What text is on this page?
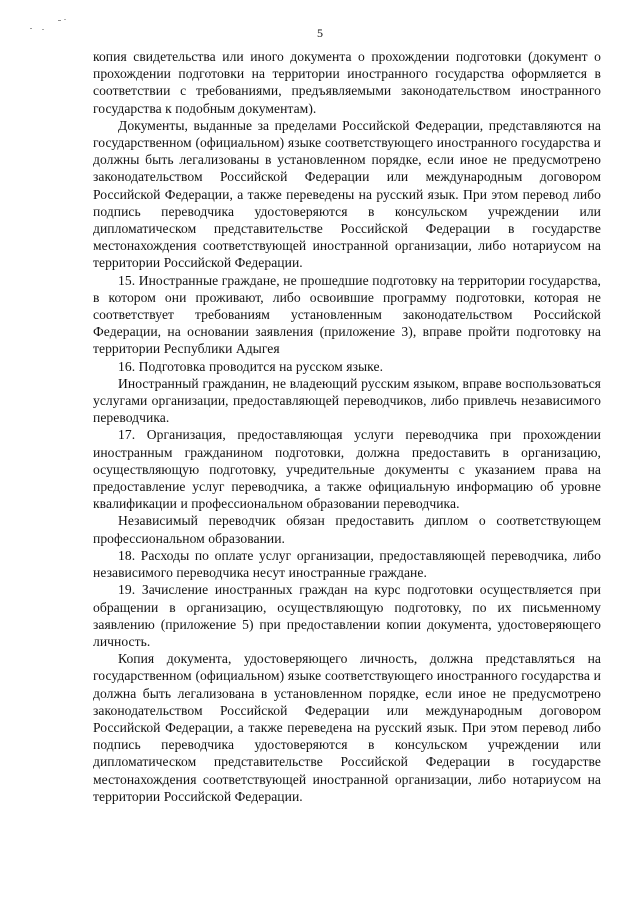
5

копия свидетельства или иного документа о прохождении подготовки (документ о прохождении подготовки на территории иностранного государства оформляется в соответствии с требованиями, предъявляемыми законодательством иностранного государства к подобным документам).

Документы, выданные за пределами Российской Федерации, представляются на государственном (официальном) языке соответствующего иностранного государства и должны быть легализованы в установленном порядке, если иное не предусмотрено законодательством Российской Федерации или международным договором Российской Федерации, а также переведены на русский язык. При этом перевод либо подпись переводчика удостоверяются в консульском учреждении или дипломатическом представительстве Российской Федерации в государстве местонахождения соответствующей иностранной организации, либо нотариусом на территории Российской Федерации.

15. Иностранные граждане, не прошедшие подготовку на территории государства, в котором они проживают, либо освоившие программу подготовки, которая не соответствует требованиям установленным законодательством Российской Федерации, на основании заявления (приложение 3), вправе пройти подготовку на территории Республики Адыгея

16. Подготовка проводится на русском языке.

Иностранный гражданин, не владеющий русским языком, вправе воспользоваться услугами организации, предоставляющей переводчиков, либо привлечь независимого переводчика.

17. Организация, предоставляющая услуги переводчика при прохождении иностранным гражданином подготовки, должна предоставить в организацию, осуществляющую подготовку, учредительные документы с указанием права на предоставление услуг переводчика, а также официальную информацию об уровне квалификации и профессиональном образовании переводчика.

Независимый переводчик обязан предоставить диплом о соответствующем профессиональном образовании.

18. Расходы по оплате услуг организации, предоставляющей переводчика, либо независимого переводчика несут иностранные граждане.

19. Зачисление иностранных граждан на курс подготовки осуществляется при обращении в организацию, осуществляющую подготовку, по их письменному заявлению (приложение 5) при предоставлении копии документа, удостоверяющего личность.

Копия документа, удостоверяющего личность, должна представляться на государственном (официальном) языке соответствующего иностранного государства и должна быть легализована в установленном порядке, если иное не предусмотрено законодательством Российской Федерации или международным договором Российской Федерации, а также переведена на русский язык. При этом перевод либо подпись переводчика удостоверяются в консульском учреждении или дипломатическом представительстве Российской Федерации в государстве местонахождения соответствующей иностранной организации, либо нотариусом на территории Российской Федерации.
